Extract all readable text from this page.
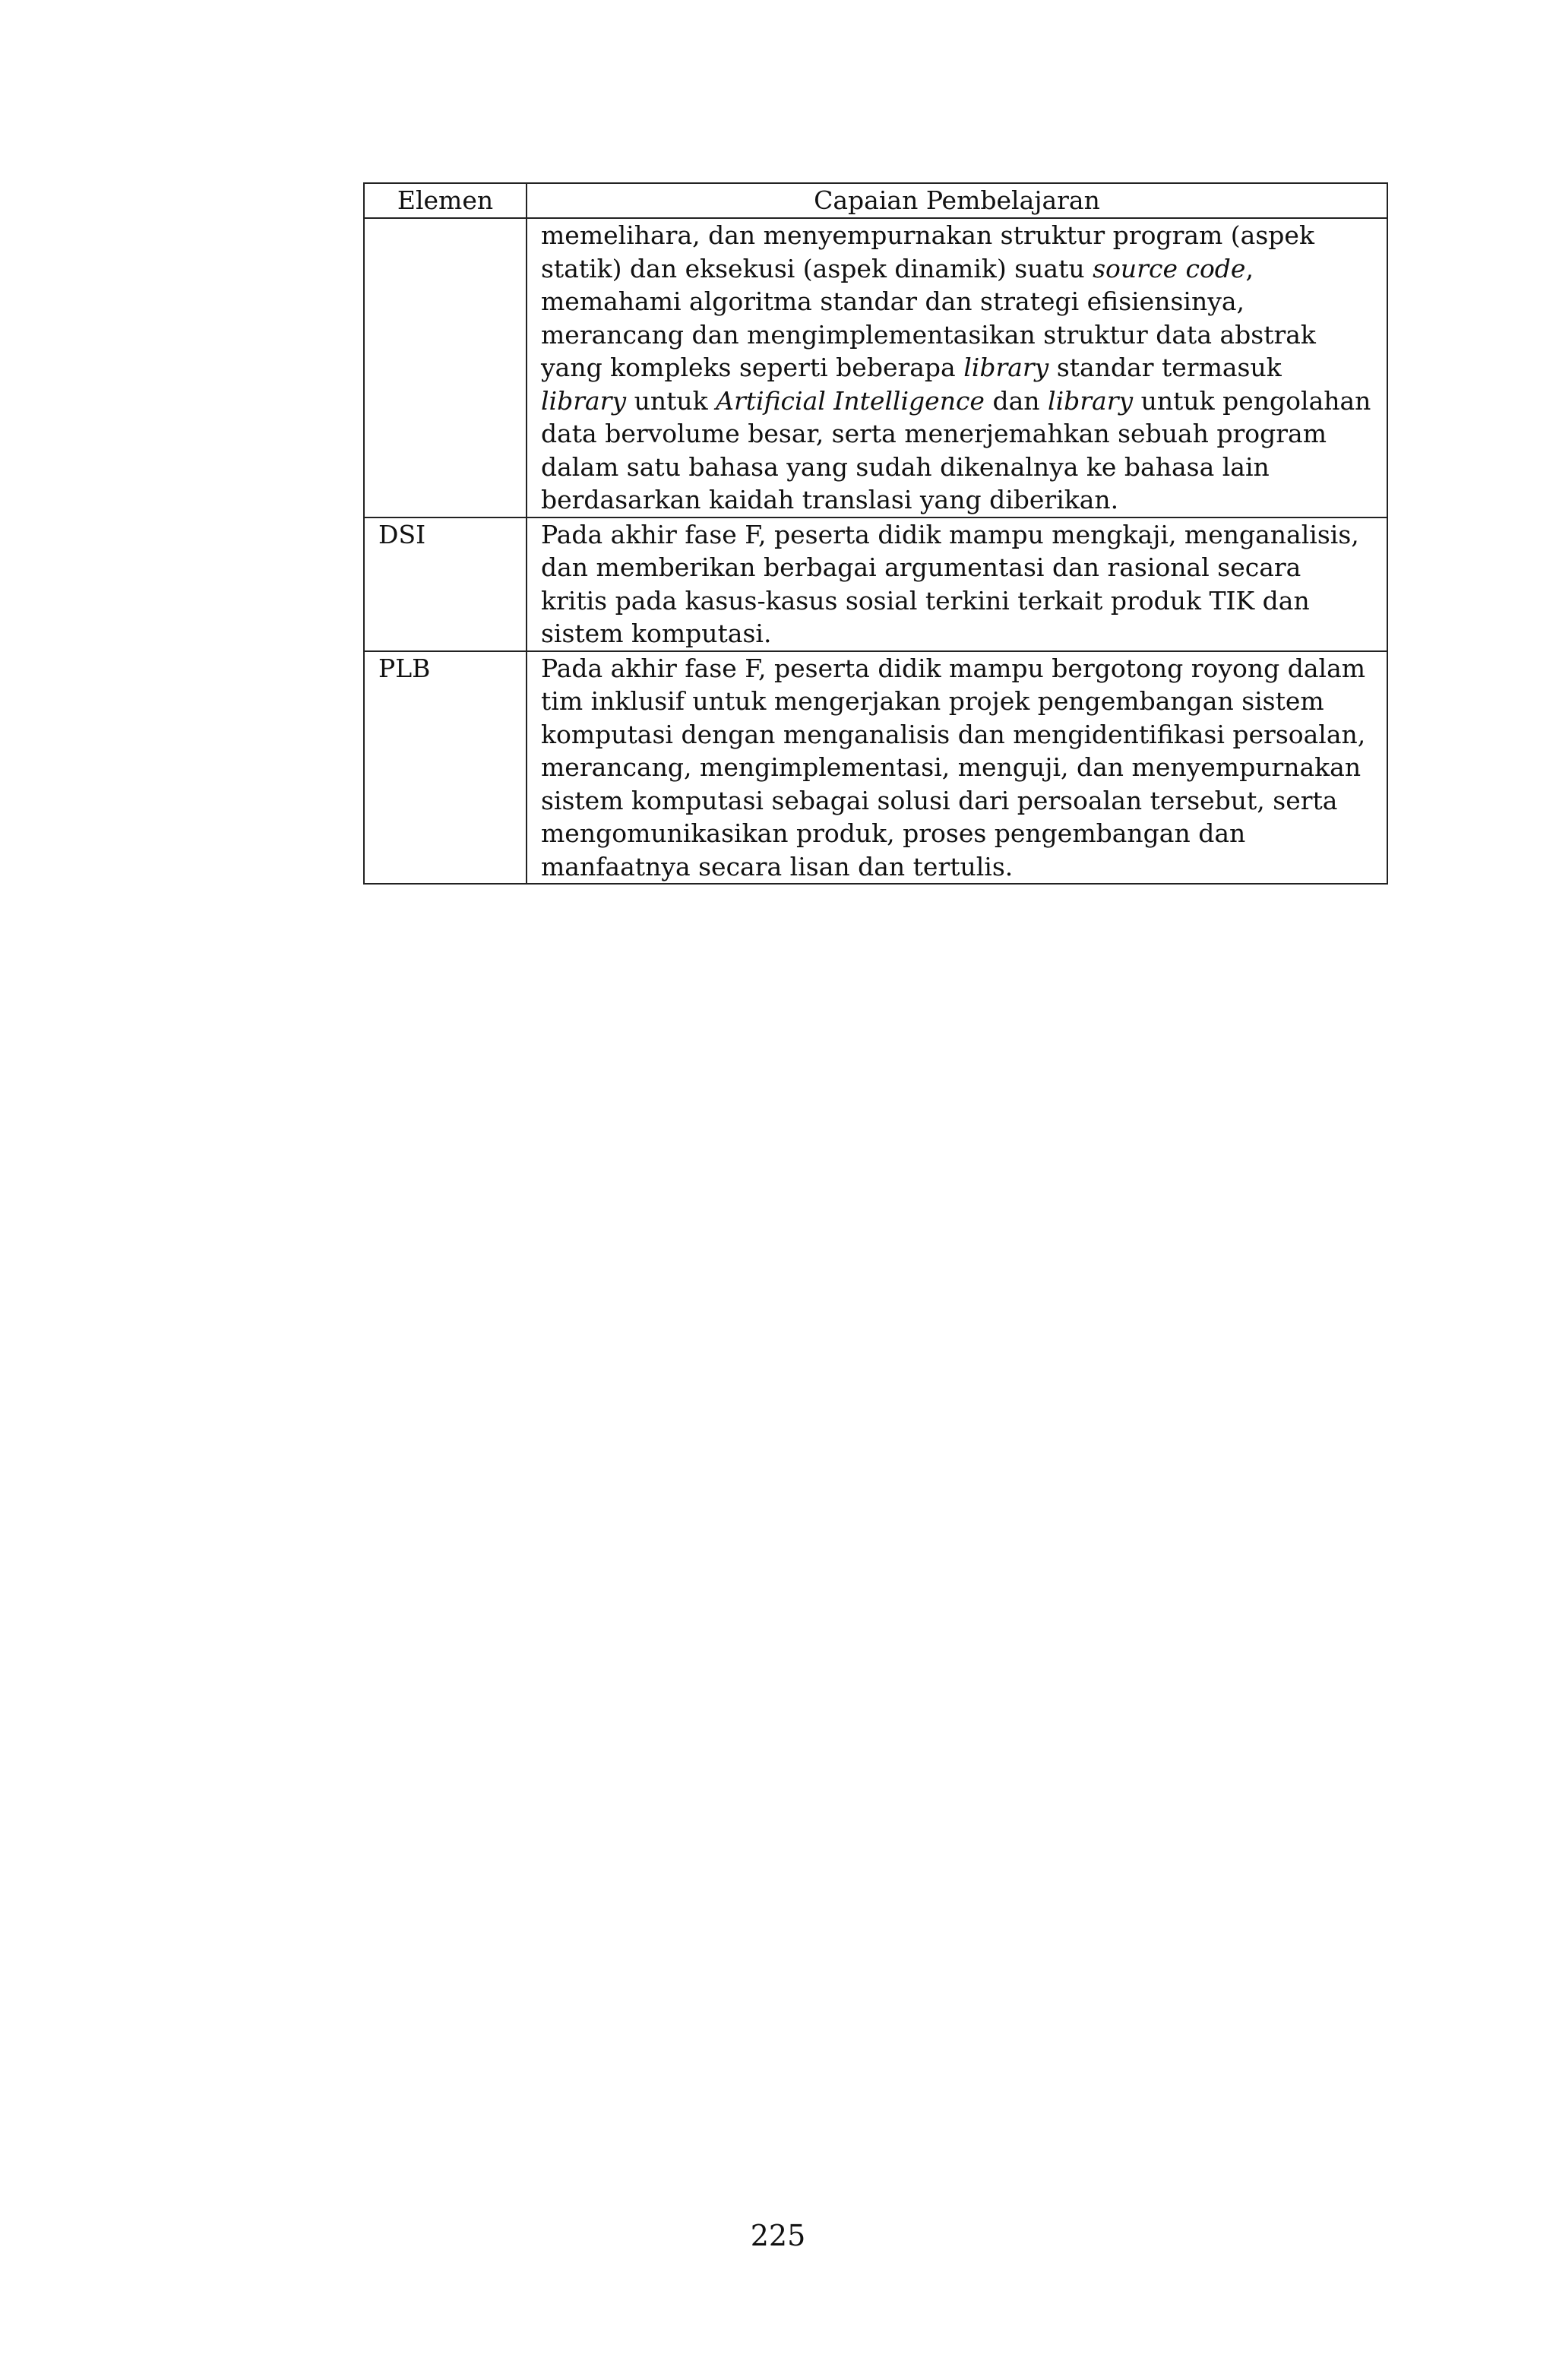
Elemen	Capaian Pembelajaran
	memelihara, dan menyempurnakan struktur program (aspek statik) dan eksekusi (aspek dinamik) suatu source code, memahami algoritma standar dan strategi efisiensinya, merancang dan mengimplementasikan struktur data abstrak yang kompleks seperti beberapa library standar termasuk library untuk Artificial Intelligence dan library untuk pengolahan data bervolume besar, serta menerjemahkan sebuah program dalam satu bahasa yang sudah dikenalnya ke bahasa lain berdasarkan kaidah translasi yang diberikan.
DSI	Pada akhir fase F, peserta didik mampu mengkaji, menganalisis, dan memberikan berbagai argumentasi dan rasional secara kritis pada kasus-kasus sosial terkini terkait produk TIK dan sistem komputasi.
PLB	Pada akhir fase F, peserta didik mampu bergotong royong dalam tim inklusif untuk mengerjakan projek pengembangan sistem komputasi dengan menganalisis dan mengidentifikasi persoalan, merancang, mengimplementasi, menguji, dan menyempurnakan sistem komputasi sebagai solusi dari persoalan tersebut, serta mengomunikasikan produk, proses pengembangan dan manfaatnya secara lisan dan tertulis.
225
